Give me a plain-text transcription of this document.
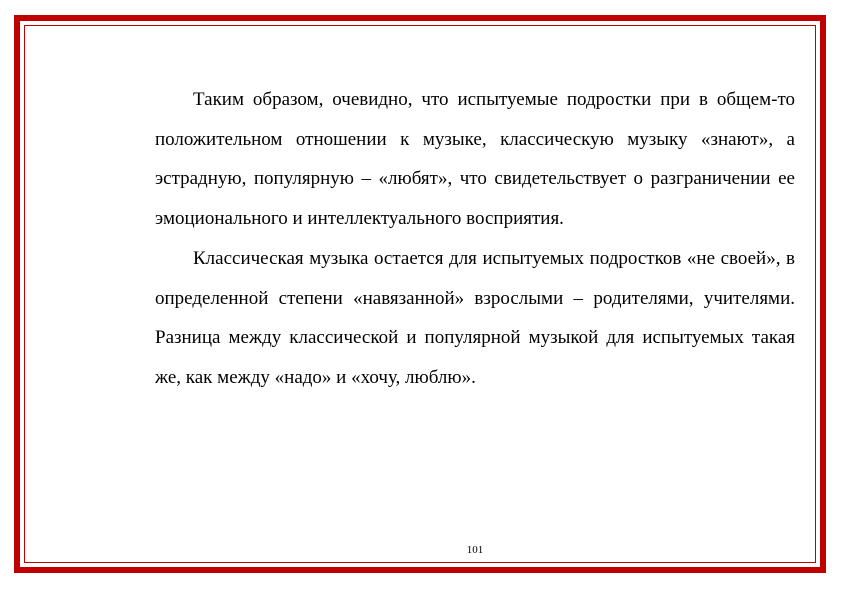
Таким образом, очевидно, что испытуемые подростки при в общем-то положительном отношении к музыке, классическую музыку «знают», а эстрадную, популярную – «любят», что свидетельствует о разграничении ее эмоционального и интеллектуального восприятия.

Классическая музыка остается для испытуемых подростков «не своей», в определенной степени «навязанной» взрослыми – родителями, учителями. Разница между классической и популярной музыкой для испытуемых такая же, как между «надо» и «хочу, люблю».

101
